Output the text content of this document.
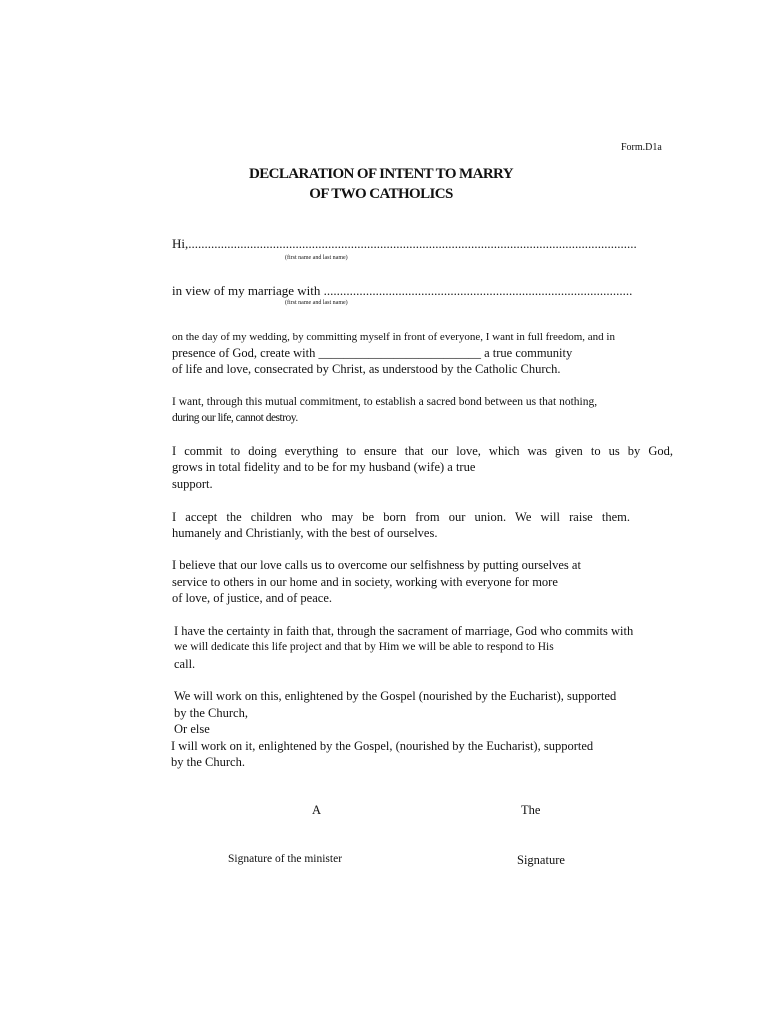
Form.D1a
DECLARATION OF INTENT TO MARRY
OF TWO CATHOLICS
Hi,..........................................................................................................................................
(first name and last name)
in view of my marriage with ...............................................................................................
(first name and last name)
on the day of my wedding, by committing myself in front of everyone, I want in full freedom, and in
presence of God, create with __________________________ a true community
of life and love, consecrated by Christ, as understood by the Catholic Church.
I want, through this mutual commitment, to establish a sacred bond between us that nothing,
during our life, cannot destroy.
I commit to doing everything to ensure that our love, which was given to us by God,
grows in total fidelity and to be for my husband (wife) a true
support.
I accept the children who may be born from our union. We will raise them.
humanely and Christianly, with the best of ourselves.
I believe that our love calls us to overcome our selfishness by putting ourselves at
service to others in our home and in society, working with everyone for more
of love, of justice, and of peace.
I have the certainty in faith that, through the sacrament of marriage, God who commits with
we will dedicate this life project and that by Him we will be able to respond to His
call.
We will work on this, enlightened by the Gospel (nourished by the Eucharist), supported
by the Church,
Or else
I will work on it, enlightened by the Gospel, (nourished by the Eucharist), supported
by the Church.
A	The
Signature of the minister	Signature
